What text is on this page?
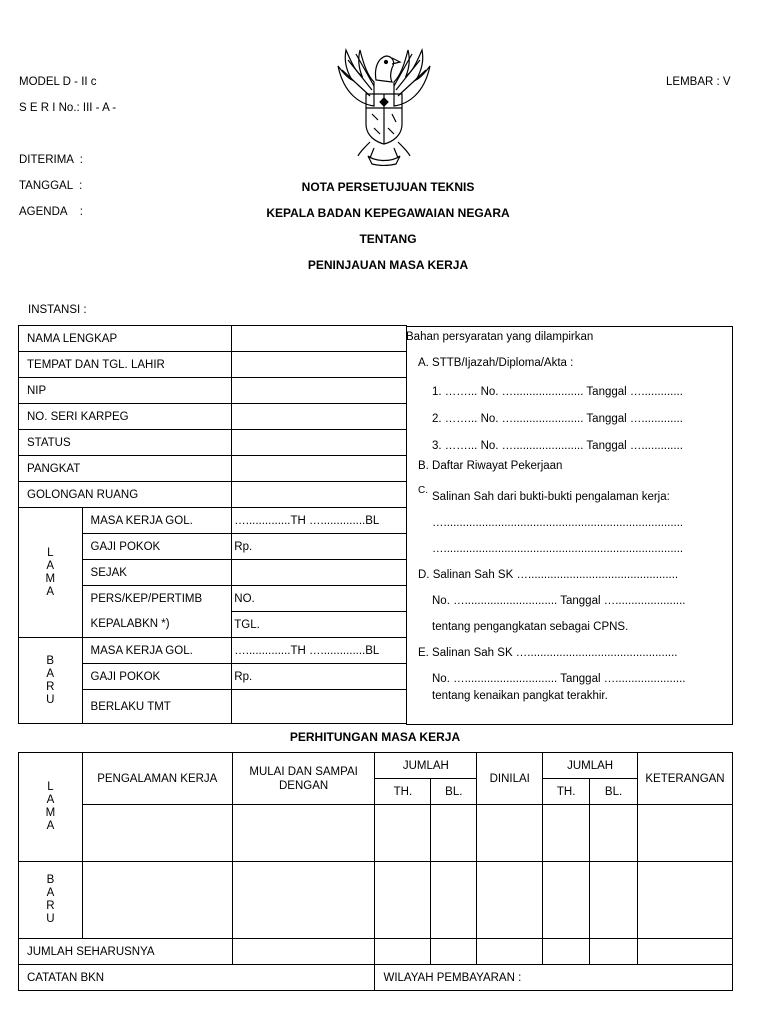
MODEL D - II c
S E R I No.: III - A -
LEMBAR : V
DITERIMA  :
TANGGAL  :
AGENDA    :
NOTA PERSETUJUAN TEKNIS
KEPALA BADAN KEPEGAWAIAN NEGARA
TENTANG
PENINJAUAN MASA KERJA
INSTANSI :
NAMA LENGKAP		
TEMPAT DAN TGL. LAHIR		
NIP		
NO. SERI KARPEG		
STATUS		
PANGKAT		
GOLONGAN RUANG		
L A M A	MASA KERJA GOL.	…..............TH …..............BL
	GAJI POKOK	Rp.
	SEJAK	
	PERS/KEP/PERTIMB	NO.
	KEPALABKN *)	TGL.
B A R U	MASA KERJA GOL.	…..............TH …..............BL
	GAJI POKOK	Rp.
	BERLAKU TMT	
Bahan persyaratan yang dilampirkan
A. STTB/Ijazah/Diploma/Akta :
1. ……... No. …...................... Tanggal ….............
2. ……... No. …...................... Tanggal ….............
3. ……... No. …...................... Tanggal ….............
B. Daftar Riwayat Pekerjaan
C.
Salinan Sah dari bukti-bukti pengalaman kerja:
…...........................................................................
…...........................................................................
D. Salinan Sah SK …...............................................
No. …............................. Tanggal …......................
tentang pengangkatan sebagai CPNS.
E. Salinan Sah SK …...............................................
No. …............................. Tanggal …......................
tentang kenaikan pangkat terakhir.
PERHITUNGAN MASA KERJA
L A M A	PENGALAMAN KERJA	MULAI DAN SAMPAI DENGAN	JUMLAH		DINILAI	JUMLAH		KETERANGAN
			TH.	BL.		TH.	BL.	

B A R U								
JUMLAH SEHARUSNYA								
CATATAN BKN			WILAYAH PEMBAYARAN :					
